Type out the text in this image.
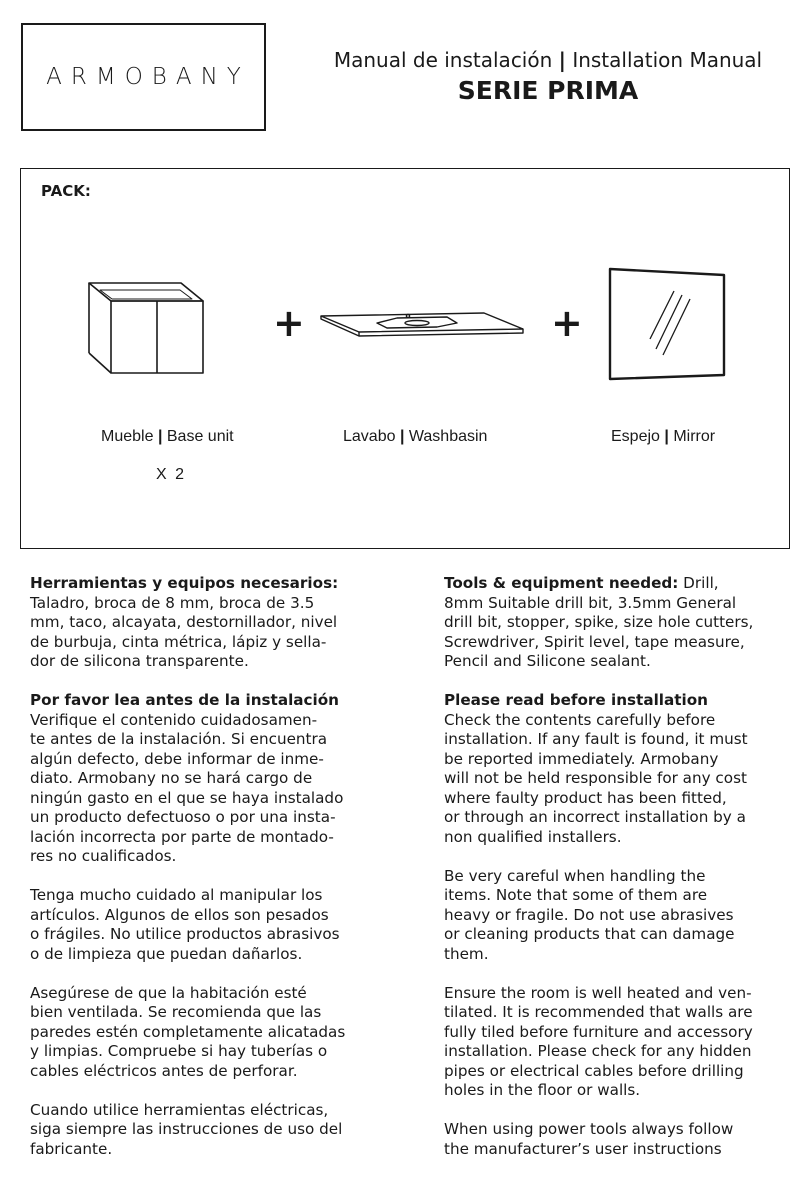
ARMOBANY
Manual de instalación | Installation Manual
SERIE PRIMA
PACK:
+	+
Mueble | Base unit
X 2
Lavabo | Washbasin	Espejo | Mirror

Herramientas y equipos necesarios:
Taladro, broca de 8 mm, broca de 3.5
mm, taco, alcayata, destornillador, nivel
de burbuja, cinta métrica, lápiz y sella-
dor de silicona transparente.

Por favor lea antes de la instalación
Verifique el contenido cuidadosamen-
te antes de la instalación. Si encuentra
algún defecto, debe informar de inme-
diato. Armobany no se hará cargo de
ningún gasto en el que se haya instalado
un producto defectuoso o por una insta-
lación incorrecta por parte de montado-
res no cualificados.

Tenga mucho cuidado al manipular los
artículos. Algunos de ellos son pesados
o frágiles. No utilice productos abrasivos
o de limpieza que puedan dañarlos.

Asegúrese de que la habitación esté
bien ventilada. Se recomienda que las
paredes estén completamente alicatadas
y limpias. Compruebe si hay tuberías o
cables eléctricos antes de perforar.

Cuando utilice herramientas eléctricas,
siga siempre las instrucciones de uso del
fabricante.

Tools & equipment needed: Drill,
8mm Suitable drill bit, 3.5mm General
drill bit, stopper, spike, size hole cutters,
Screwdriver, Spirit level, tape measure,
Pencil and Silicone sealant.

Please read before installation
Check the contents carefully before
installation. If any fault is found, it must
be reported immediately. Armobany
will not be held responsible for any cost
where faulty product has been fitted,
or through an incorrect installation by a
non qualified installers.

Be very careful when handling the
items. Note that some of them are
heavy or fragile. Do not use abrasives
or cleaning products that can damage
them.

Ensure the room is well heated and ven-
tilated. It is recommended that walls are
fully tiled before furniture and accessory
installation. Please check for any hidden
pipes or electrical cables before drilling
holes in the floor or walls.

When using power tools always follow
the manufacturer’s user instructions
